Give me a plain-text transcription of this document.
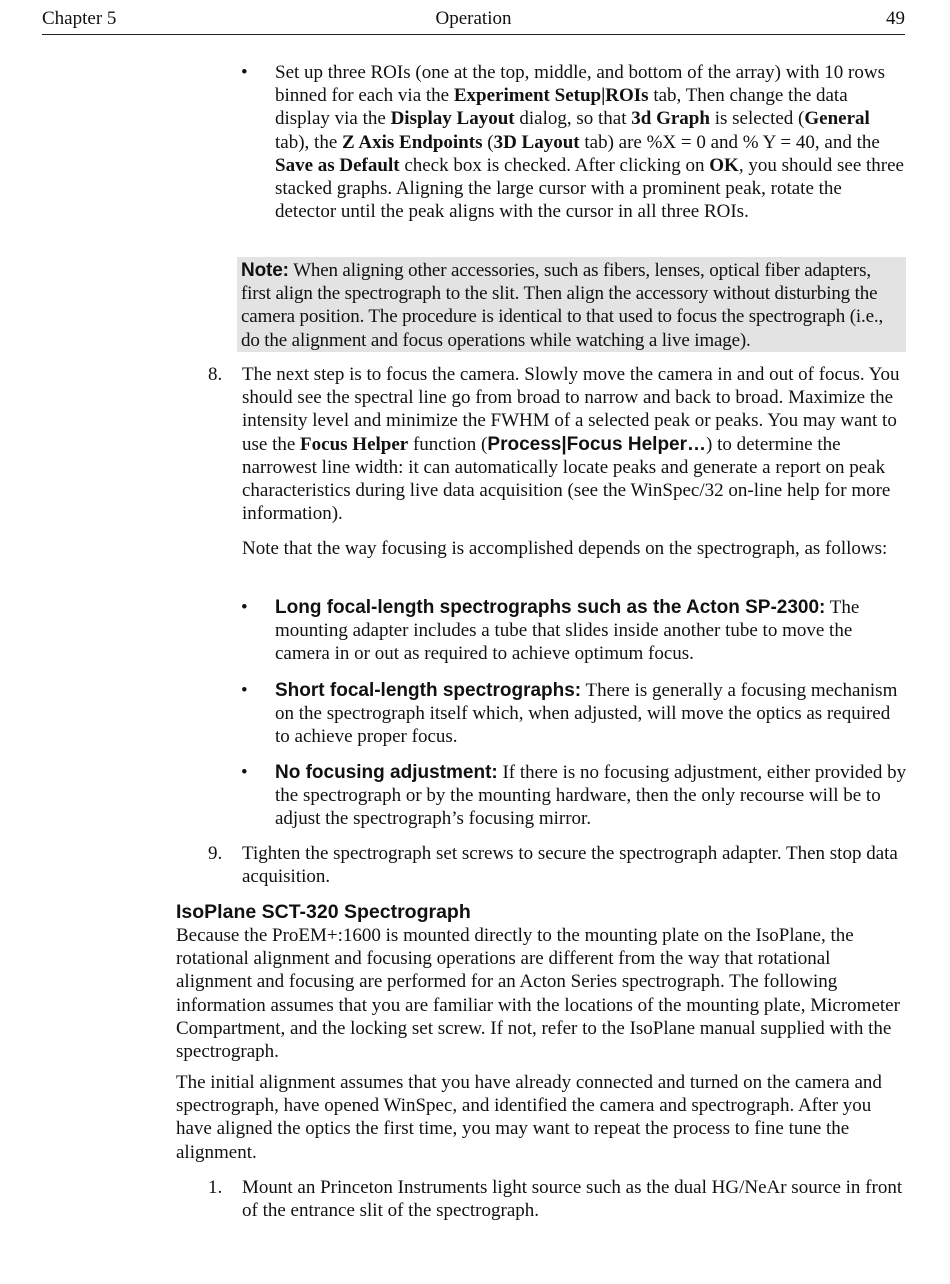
Chapter 5	Operation	49
• Set up three ROIs (one at the top, middle, and bottom of the array) with 10 rows binned for each via the Experiment Setup|ROIs tab, Then change the data display via the Display Layout dialog, so that 3d Graph is selected (General tab), the Z Axis Endpoints (3D Layout tab) are %X = 0 and % Y = 40, and the Save as Default check box is checked. After clicking on OK, you should see three stacked graphs. Aligning the large cursor with a prominent peak, rotate the detector until the peak aligns with the cursor in all three ROIs.

Note: When aligning other accessories, such as fibers, lenses, optical fiber adapters, first align the spectrograph to the slit. Then align the accessory without disturbing the camera position. The procedure is identical to that used to focus the spectrograph (i.e., do the alignment and focus operations while watching a live image).

8. The next step is to focus the camera. Slowly move the camera in and out of focus. You should see the spectral line go from broad to narrow and back to broad. Maximize the intensity level and minimize the FWHM of a selected peak or peaks. You may want to use the Focus Helper function (Process|Focus Helper…) to determine the narrowest line width: it can automatically locate peaks and generate a report on peak characteristics during live data acquisition (see the WinSpec/32 on-line help for more information).

Note that the way focusing is accomplished depends on the spectrograph, as follows:

• Long focal-length spectrographs such as the Acton SP-2300: The mounting adapter includes a tube that slides inside another tube to move the camera in or out as required to achieve optimum focus.

• Short focal-length spectrographs: There is generally a focusing mechanism on the spectrograph itself which, when adjusted, will move the optics as required to achieve proper focus.

• No focusing adjustment: If there is no focusing adjustment, either provided by the spectrograph or by the mounting hardware, then the only recourse will be to adjust the spectrograph’s focusing mirror.

9. Tighten the spectrograph set screws to secure the spectrograph adapter. Then stop data acquisition.

IsoPlane SCT-320 Spectrograph

Because the ProEM+:1600 is mounted directly to the mounting plate on the IsoPlane, the rotational alignment and focusing operations are different from the way that rotational alignment and focusing are performed for an Acton Series spectrograph. The following information assumes that you are familiar with the locations of the mounting plate, Micrometer Compartment, and the locking set screw. If not, refer to the IsoPlane manual supplied with the spectrograph.

The initial alignment assumes that you have already connected and turned on the camera and spectrograph, have opened WinSpec, and identified the camera and spectrograph. After you have aligned the optics the first time, you may want to repeat the process to fine tune the alignment.

1. Mount an Princeton Instruments light source such as the dual HG/NeAr source in front of the entrance slit of the spectrograph.
